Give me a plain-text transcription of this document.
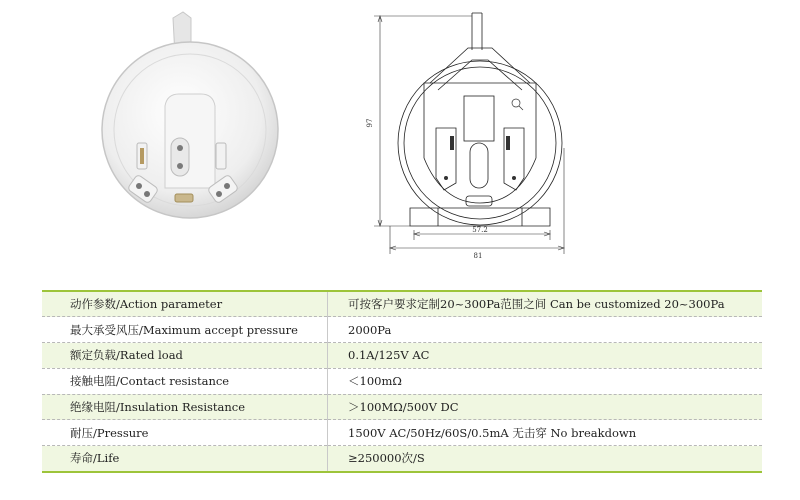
97
57.2
81
动作参数/Action parameter	可按客户要求定制20~300Pa范围之间 Can be customized 20~300Pa
最大承受风压/Maximum accept pressure	2000Pa
额定负载/Rated load	0.1A/125V AC
接触电阻/Contact resistance	＜100mΩ
绝缘电阻/Insulation Resistance	＞100MΩ/500V DC
耐压/Pressure	1500V AC/50Hz/60S/0.5mA 无击穿 No breakdown
寿命/Life	≥250000次/S
